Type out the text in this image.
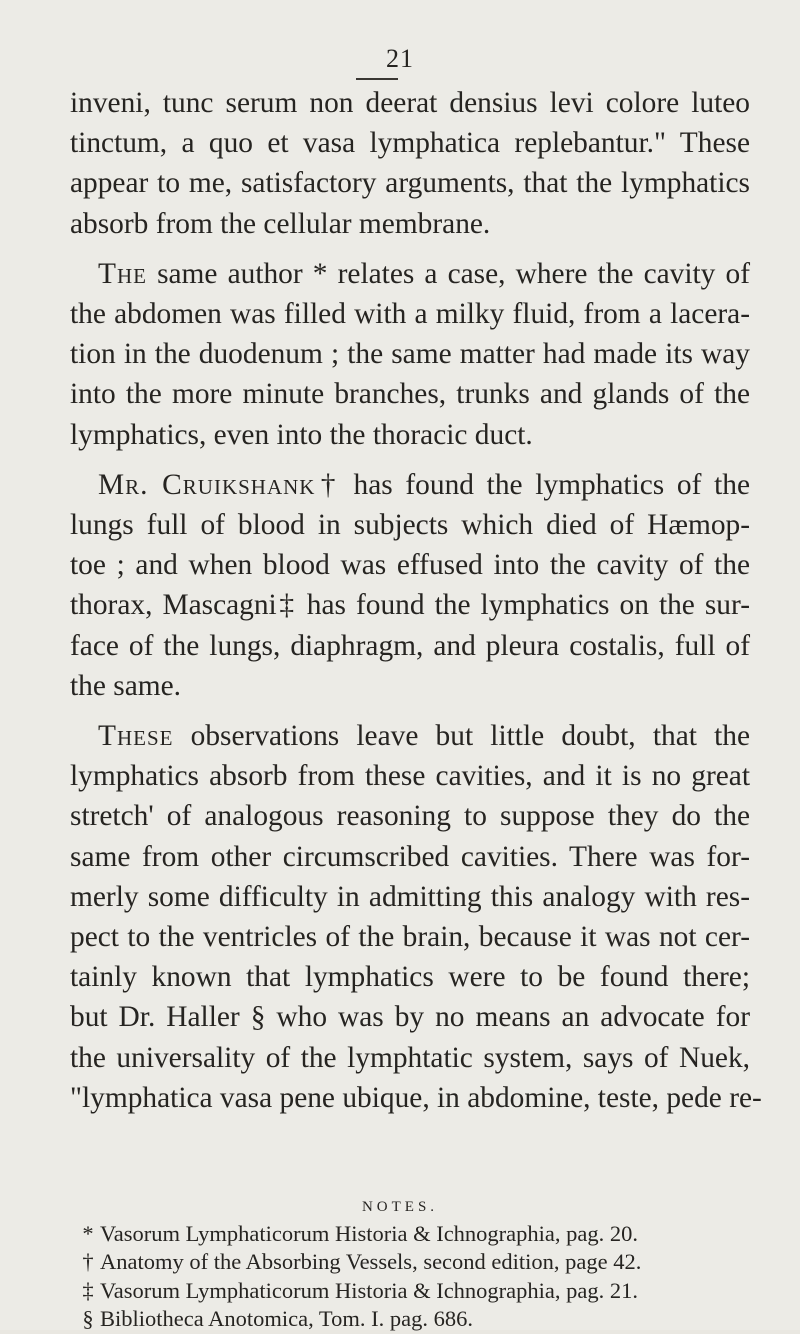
21
inveni, tunc serum non deerat densius levi colore luteo
tinctum, a quo et vasa lymphatica replebantur." These
appear to me, satisfactory arguments, that the lymphatics
absorb from the cellular membrane.
The same author * relates a case, where the cavity of
the abdomen was filled with a milky fluid, from a lacera-
tion in the duodenum ; the same matter had made its way
into the more minute branches, trunks and glands of the
lymphatics, even into the thoracic duct.
Mr. Cruikshank† has found the lymphatics of the
lungs full of blood in subjects which died of Hæmop-
toe ; and when blood was effused into the cavity of the
thorax, Mascagni‡ has found the lymphatics on the sur-
face of the lungs, diaphragm, and pleura costalis, full of
the same.
These observations leave but little doubt, that the
lymphatics absorb from these cavities, and it is no great
stretch' of analogous reasoning to suppose they do the
same from other circumscribed cavities. There was for-
merly some difficulty in admitting this analogy with res-
pect to the ventricles of the brain, because it was not cer-
tainly known that lymphatics were to be found there;
but Dr. Haller § who was by no means an advocate for
the universality of the lymphtatic system, says of Nuek,
"lymphatica vasa pene ubique, in abdomine, teste, pede re-
NOTES.
* Vasorum Lymphaticorum Historia & Ichnographia, pag. 20.
† Anatomy of the Absorbing Vessels, second edition, page 42.
‡ Vasorum Lymphaticorum Historia & Ichnographia, pag. 21.
§ Bibliotheca Anotomica, Tom. I. pag. 686.
